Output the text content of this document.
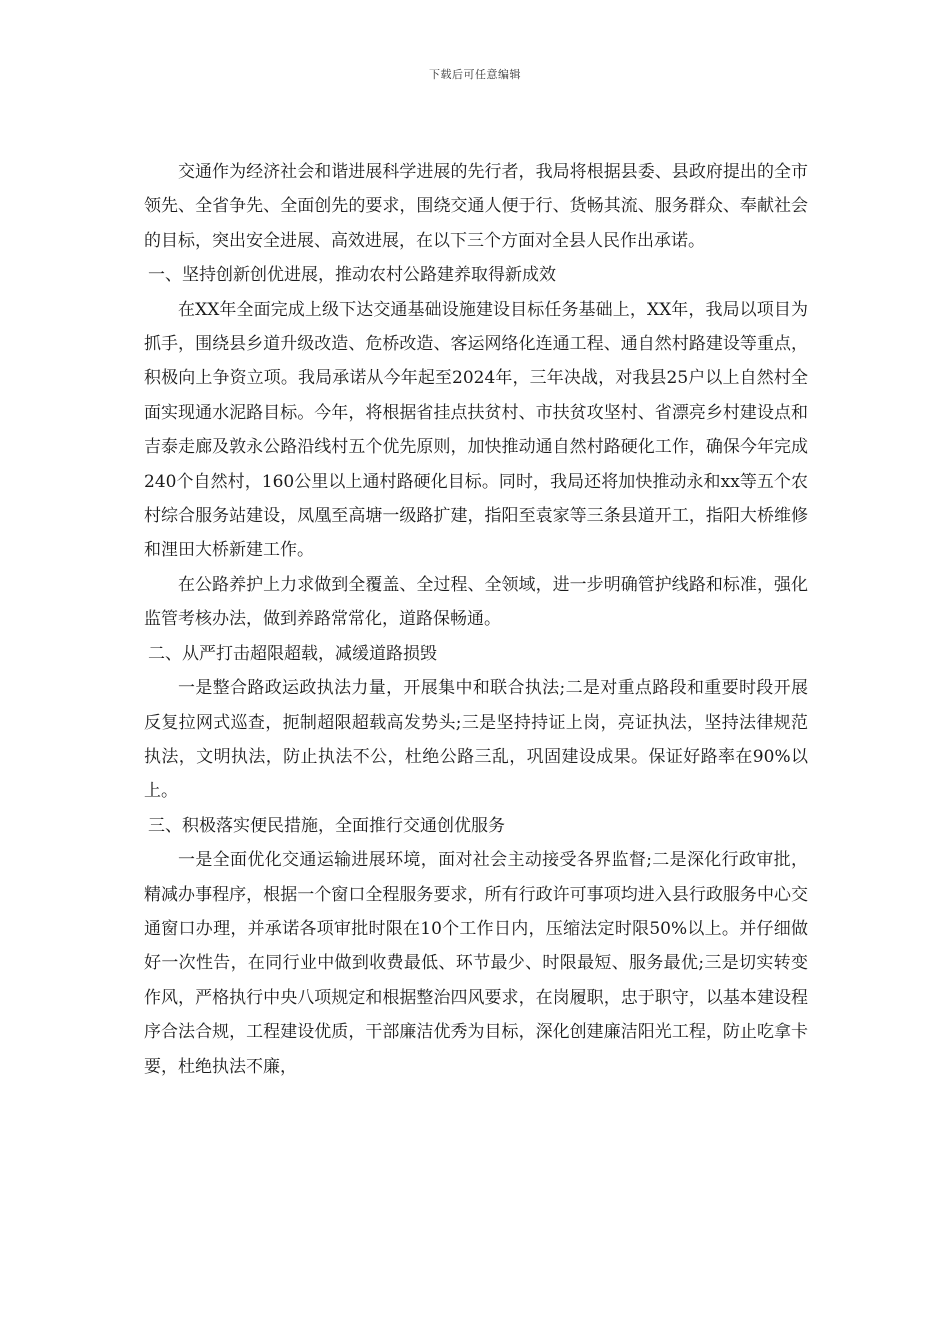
下载后可任意编辑

交通作为经济社会和谐进展科学进展的先行者，我局将根据县委、县政府提出的全市领先、全省争先、全面创先的要求，围绕交通人便于行、货畅其流、服务群众、奉献社会的目标，突出安全进展、高效进展，在以下三个方面对全县人民作出承诺。

一、坚持创新创优进展，推动农村公路建养取得新成效

在XX年全面完成上级下达交通基础设施建设目标任务基础上，XX年，我局以项目为抓手，围绕县乡道升级改造、危桥改造、客运网络化连通工程、通自然村路建设等重点，积极向上争资立项。我局承诺从今年起至2024年，三年决战，对我县25户以上自然村全面实现通水泥路目标。今年，将根据省挂点扶贫村、市扶贫攻坚村、省漂亮乡村建设点和吉泰走廊及敦永公路沿线村五个优先原则，加快推动通自然村路硬化工作，确保今年完成240个自然村，160公里以上通村路硬化目标。同时，我局还将加快推动永和xx等五个农村综合服务站建设，凤凰至高塘一级路扩建，指阳至袁家等三条县道开工，指阳大桥维修和浬田大桥新建工作。

在公路养护上力求做到全覆盖、全过程、全领域，进一步明确管护线路和标准，强化监管考核办法，做到养路常常化，道路保畅通。

二、从严打击超限超载，减缓道路损毁

一是整合路政运政执法力量，开展集中和联合执法;二是对重点路段和重要时段开展反复拉网式巡查，扼制超限超载高发势头;三是坚持持证上岗，亮证执法，坚持法律规范执法，文明执法，防止执法不公，杜绝公路三乱，巩固建设成果。保证好路率在90%以上。

三、积极落实便民措施，全面推行交通创优服务

一是全面优化交通运输进展环境，面对社会主动接受各界监督;二是深化行政审批，精减办事程序，根据一个窗口全程服务要求，所有行政许可事项均进入县行政服务中心交通窗口办理，并承诺各项审批时限在10个工作日内，压缩法定时限50%以上。并仔细做好一次性告，在同行业中做到收费最低、环节最少、时限最短、服务最优;三是切实转变作风，严格执行中央八项规定和根据整治四风要求，在岗履职，忠于职守，以基本建设程序合法合规，工程建设优质，干部廉洁优秀为目标，深化创建廉洁阳光工程，防止吃拿卡要，杜绝执法不廉，
